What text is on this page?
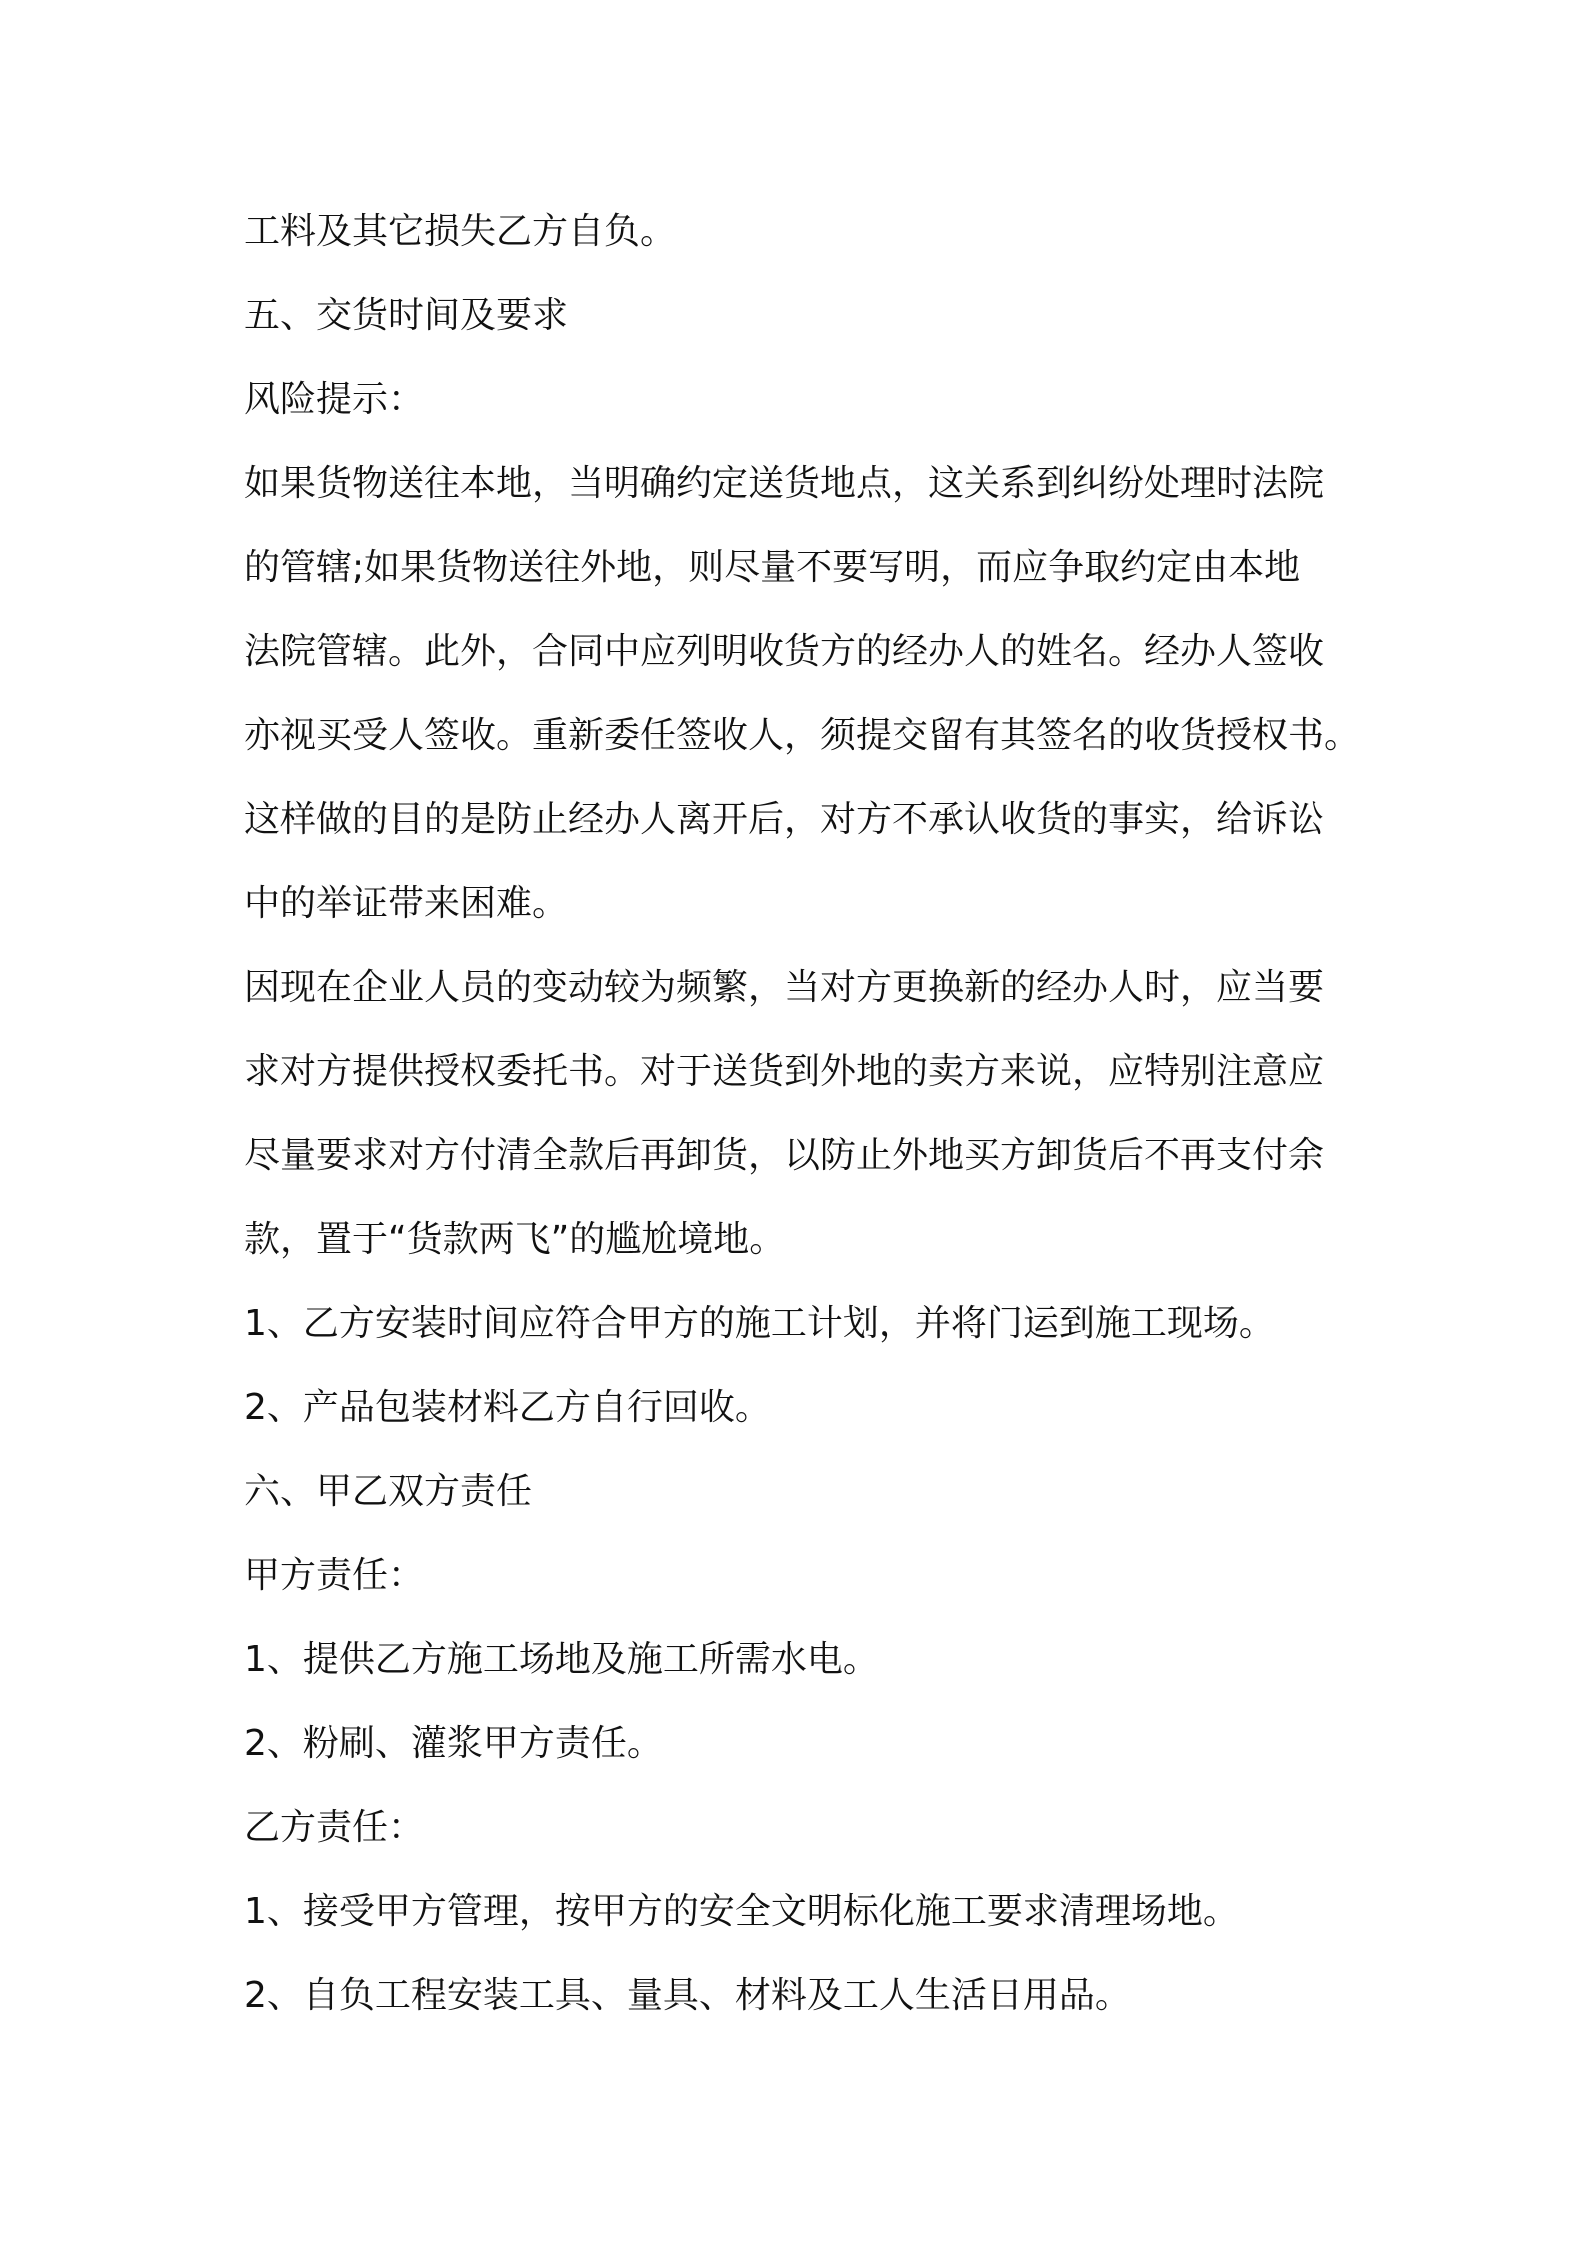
工料及其它损失乙方自负。
五、交货时间及要求
风险提示：
如果货物送往本地，当明确约定送货地点，这关系到纠纷处理时法院
的管辖;如果货物送往外地，则尽量不要写明，而应争取约定由本地
法院管辖。此外，合同中应列明收货方的经办人的姓名。经办人签收
亦视买受人签收。重新委任签收人，须提交留有其签名的收货授权书。
这样做的目的是防止经办人离开后，对方不承认收货的事实，给诉讼
中的举证带来困难。
因现在企业人员的变动较为频繁，当对方更换新的经办人时，应当要
求对方提供授权委托书。对于送货到外地的卖方来说，应特别注意应
尽量要求对方付清全款后再卸货，以防止外地买方卸货后不再支付余
款，置于“货款两飞”的尴尬境地。
1、乙方安装时间应符合甲方的施工计划，并将门运到施工现场。
2、产品包装材料乙方自行回收。
六、甲乙双方责任
甲方责任：
1、提供乙方施工场地及施工所需水电。
2、粉刷、灌浆甲方责任。
乙方责任：
1、接受甲方管理，按甲方的安全文明标化施工要求清理场地。
2、自负工程安装工具、量具、材料及工人生活日用品。
